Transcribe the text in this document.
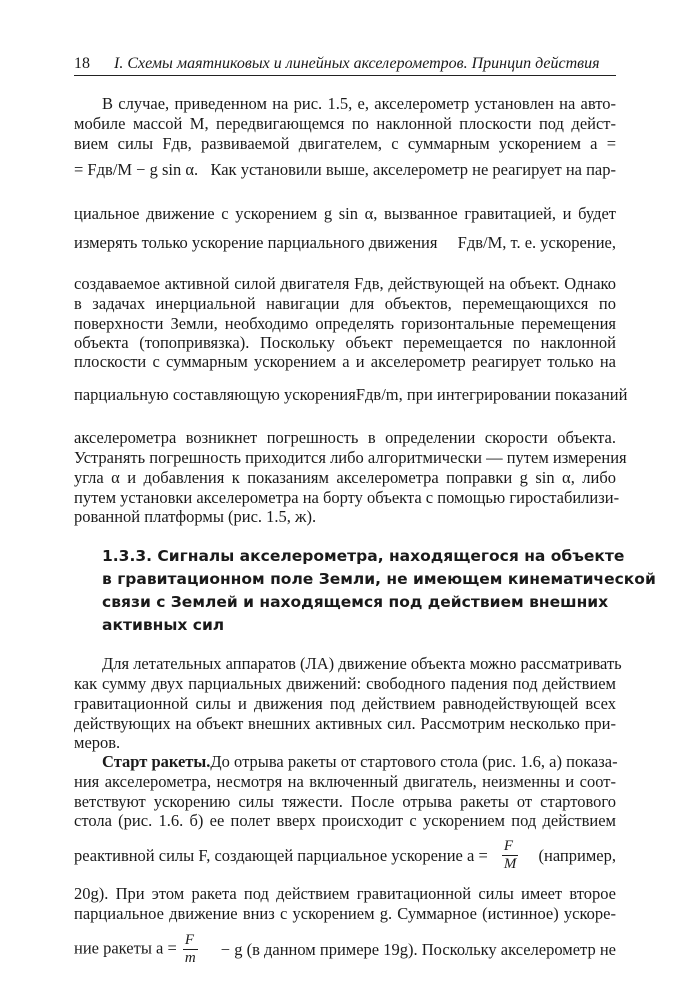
18 I. Схемы маятниковых и линейных акселерометров. Принцип действия
В случае, приведенном на рис. 1.5, е, акселерометр установлен на авто-
мобиле массой M, передвигающемся по наклонной плоскости под дейст-
вием силы Fдв, развиваемой двигателем, с суммарным ускорением a =
= Fдв/M − g sin α. Как установили выше, акселерометр не реагирует на пар-
циальное движение с ускорением g sin α, вызванное гравитацией, и будет
измерять только ускорение парциального движения Fдв/M, т. е. ускорение,
создаваемое активной силой двигателя Fдв, действующей на объект. Однако
в задачах инерциальной навигации для объектов, перемещающихся по
поверхности Земли, необходимо определять горизонтальные перемещения
объекта (топопривязка). Поскольку объект перемещается по наклонной
плоскости с суммарным ускорением a и акселерометр реагирует только на
парциальную составляющую ускорения Fдв/m , при интегрировании показаний
акселерометра возникнет погрешность в определении скорости объекта.
Устранять погрешность приходится либо алгоритмически — путем измерения
угла α и добавления к показаниям акселерометра поправки g sin α, либо
путем установки акселерометра на борту объекта с помощью гиростабилизи-
рованной платформы (рис. 1.5, ж).
1.3.3. Сигналы акселерометра, находящегося на объекте
в гравитационном поле Земли, не имеющем кинематической
связи с Землей и находящемся под действием внешних
активных сил
Для летательных аппаратов (ЛА) движение объекта можно рассматривать
как сумму двух парциальных движений: свободного падения под действием
гравитационной силы и движения под действием равнодействующей всех
действующих на объект внешних активных сил. Рассмотрим несколько при-
меров.
Старт ракеты. До отрыва ракеты от стартового стола (рис. 1.6, а) показа-
ния акселерометра, несмотря на включенный двигатель, неизменны и соот-
ветствуют ускорению силы тяжести. После отрыва ракеты от стартового
стола (рис. 1.6. б) ее полет вверх происходит с ускорением под действием
реактивной силы F, создающей парциальное ускорение $a = \frac{F}{M}$ (например,
20g). При этом ракета под действием гравитационной силы имеет второе
парциальное движение вниз с ускорением g. Суммарное (истинное) ускоре-
ние ракеты $a = \frac{F}{m} - g$ (в данном примере 19g). Поскольку акселерометр не
